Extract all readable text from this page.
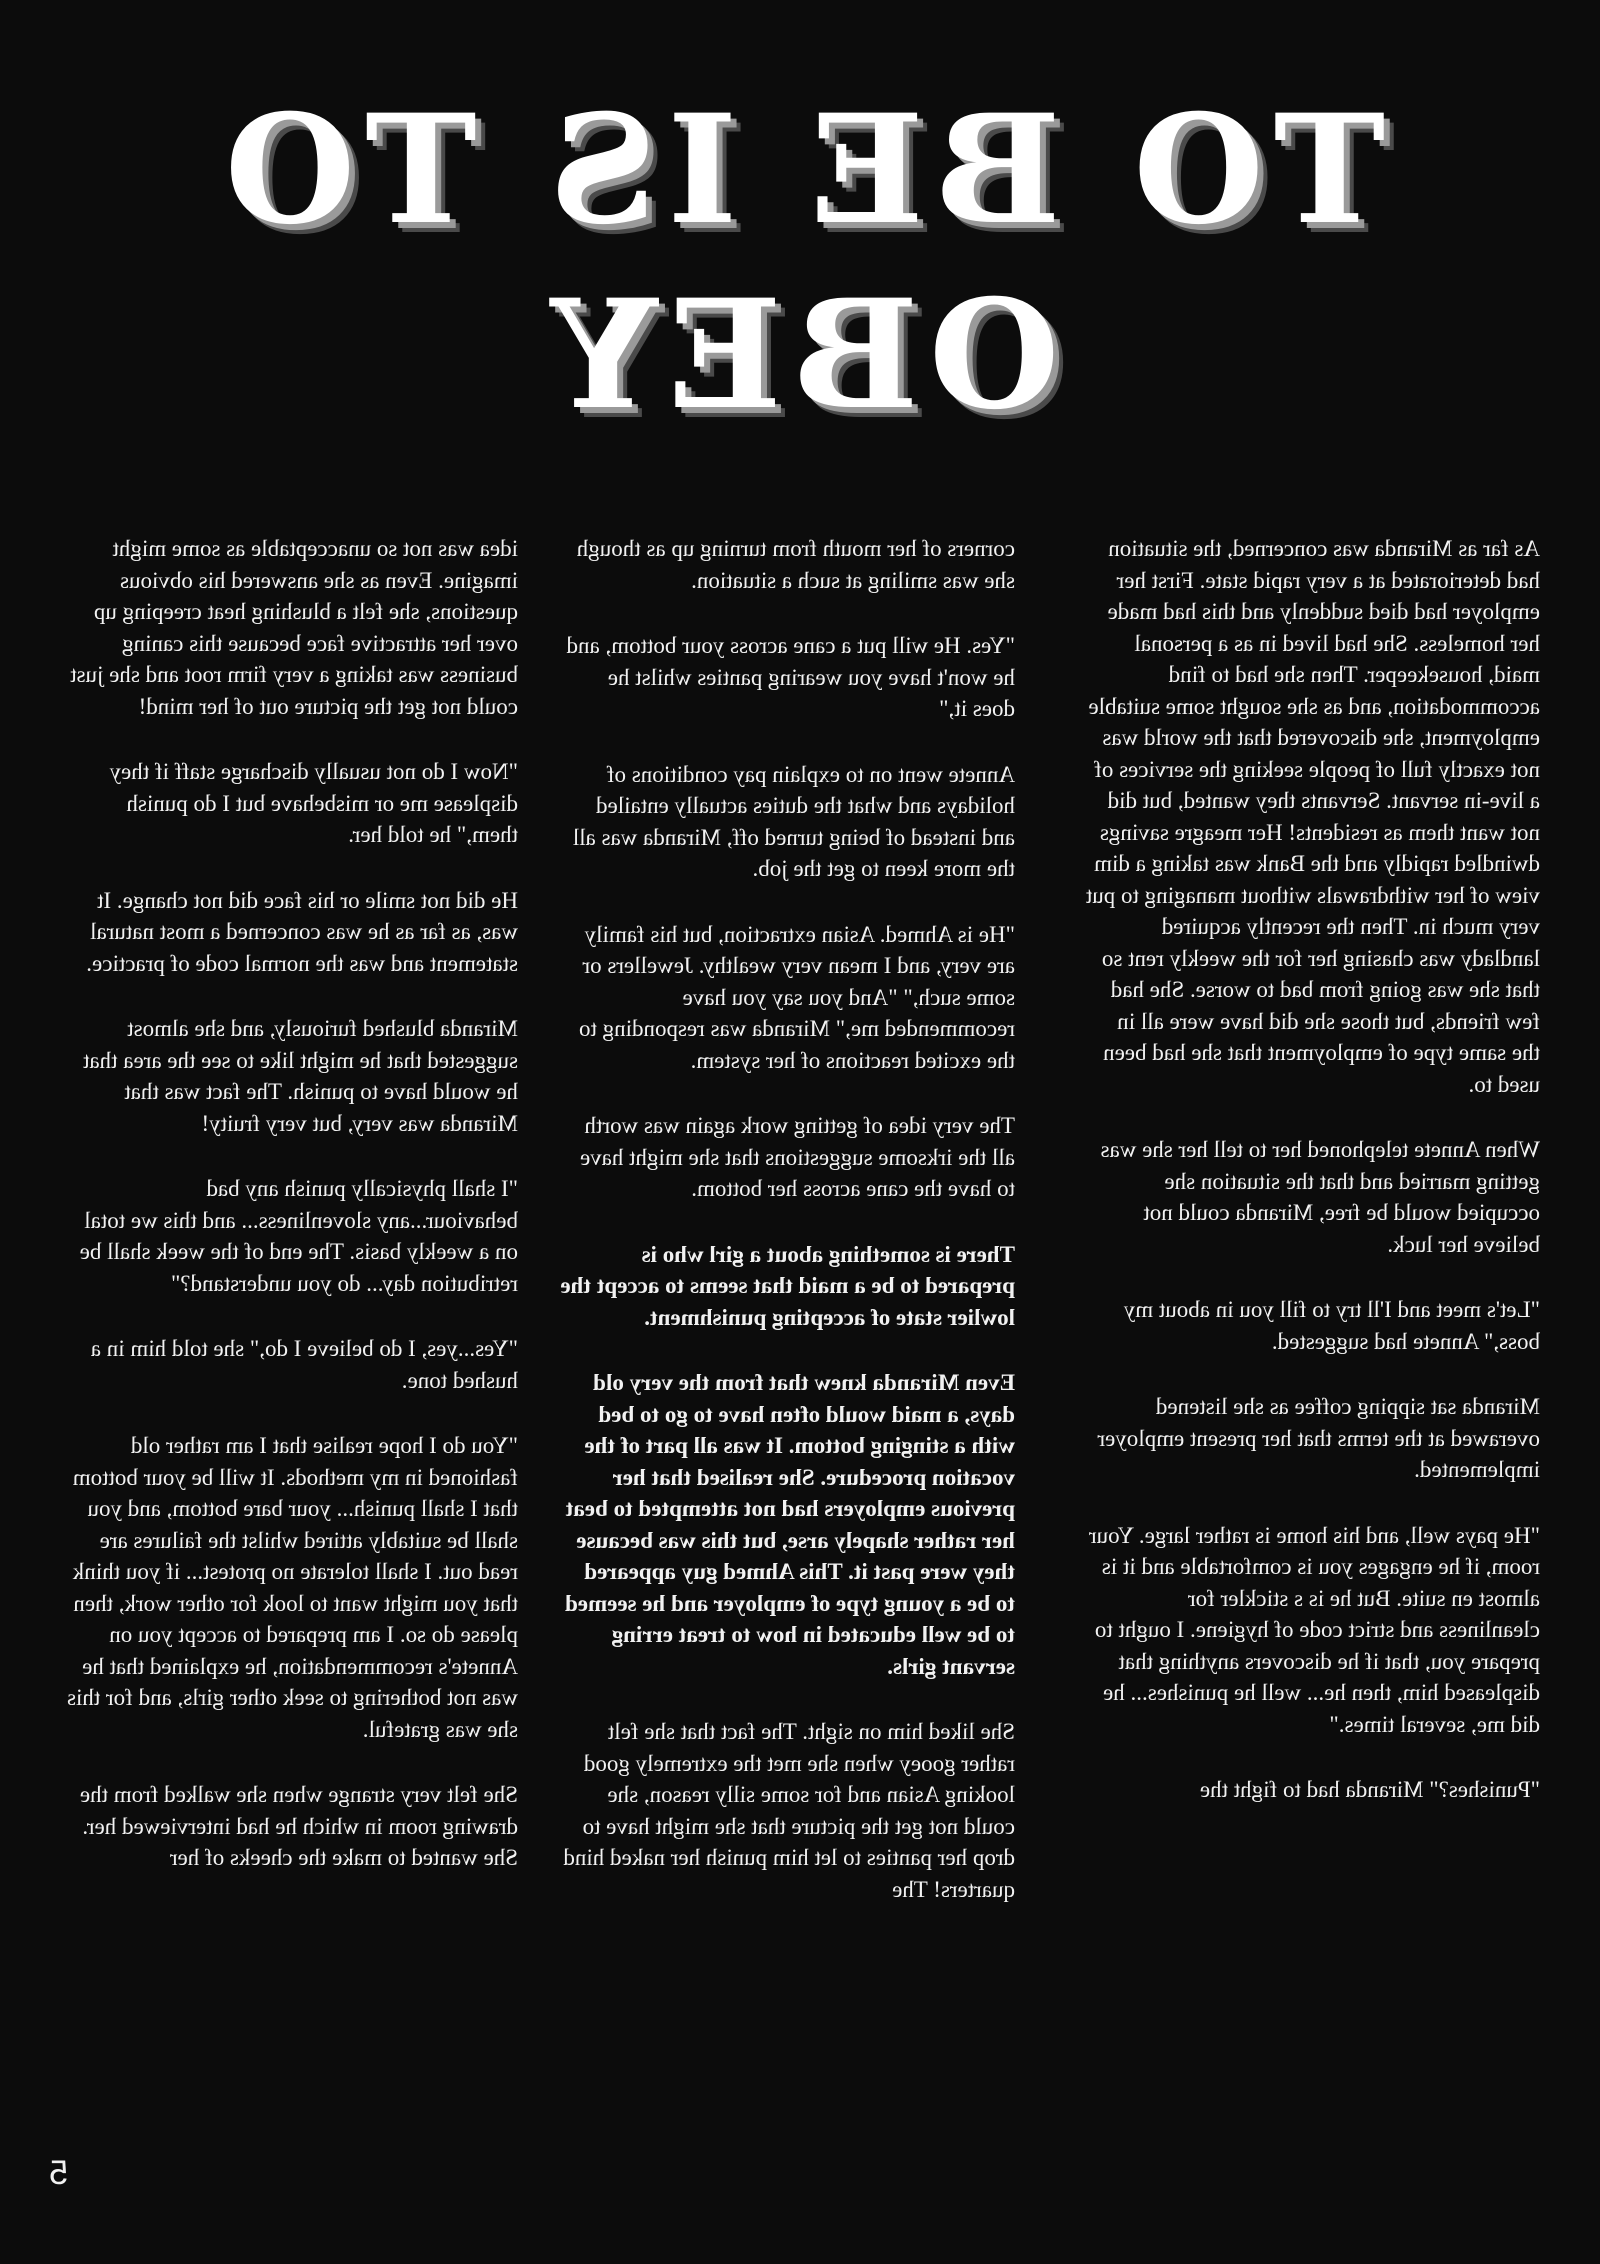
TO BE IS TO
OBEY

As far as Miranda was concerned, the situation had deteriorated at a very rapid state. First her employer had died suddenly and this had made her homeless. She had lived in as a personal maid, housekeeper. Then she had to find accommodation, and as she sought some suitable employment, she discovered that the world was not exactly full of people seeking the services of a live-in servant. Servants they wanted, but did not want them as residents! Her meagre savings dwindled rapidly and the Bank was taking a dim view of her withdrawals without managing to put very much in. Then the recently acquired landlady was chasing her for the weekly rent so that she was going from bad to worse. She had few friends, but those she did have were all in the same type of employment that she had been used to.

When Annete telephoned her to tell her she was getting married and that the situation she occupied would be free, Miranda could not believe her luck.

"Let's meet and I'll try to fill you in about my boss," Annete had suggested.

Miranda sat sipping coffee as she listened overawed at the terms that her present employer implemented.

"He pays well, and his home is rather large. Your room, if he engages you is comfortable and it is almost en suite. But he is s stickler for cleanliness and strict code of hygiene. I ought to prepare you, that if he discovers anything that displeased him, then he... well he punishes... he did me, several times."

"Punishes?" Miranda had to fight the

corners of her mouth from turning up as though she was smiling at such a situation.

"Yes. He will put a cane across your bottom, and he won't have you wearing panties whilst he does it,"

Annete went on to explain pay conditions of holidays and what the duties actually entailed and instead of being turned off, Miranda was all the more keen to get the job.

"He is Ahmed. Asian extraction, but his family are very, and I mean very wealthy. Jewellers or some such," "And you say you have recommended me," Miranda was responding to the excited reactions of her system.

The very idea of getting work again was worth all the irksome suggestions that she might have to have the cane across her bottom.

There is something about a girl who is prepared to be a maid that seems to accept the lowlier state of accepting punishment.

Even Miranda knew that from the very old days, a maid would often have to go to bed with a stinging bottom. It was all part of the vocation procedure. She realised that her previous employers had not attempted to beat her rather shapely arse, but this was because they were past it. This Ahmed guy appeared to be a young type of employer and he seemed to be well educated in how to treat erring servant girls.

She liked him on sight. The fact that she felt rather gooey when she met the extremely good looking Asian and for some silly reason, she could not get the picture that she might have to drop her panties to let him punish her naked hind quarters! The

idea was not so unacceptable as some might imagine. Even as she answered his obvious questions, she felt a blushing heat creeping up over her attractive face because this caning business was taking a very firm root and she just could not get the picture out of her mind!

"Now I do not usually discharge staff if they displease me or misbehave but I do punish them," he told her.

He did not smile or his face did not change. It was, as far as he was concerned a most natural statement and was the normal code of practice.

Miranda blushed furiously, and she almost suggested that he might like to see the area that he would have to punish. The fact was that Miranda was very, but very fruity!

"I shall physically punish any bad behaviour...any slovenliness... and this we total on a weekly basis. The end of the week shall be retribution day... do you understand?"

"Yes...yes, I do believe I do," she told him in a hushed tone.

"You do I hope realise that I am rather old fashioned in my methods. It will be your bottom that I shall punish... your bare bottom, and you shall be suitably attired whilst the failures are read out. I shall tolerate no protest... if you think that you might want to look for other work, then please do so. I am prepared to accept you on Annete's recommendation, he explained that he was not bothering to seek other girls, and for this she was grateful.

She felt very strange when she walked from the drawing room in which he had interviewed her. She wanted to make the cheeks of her

5
